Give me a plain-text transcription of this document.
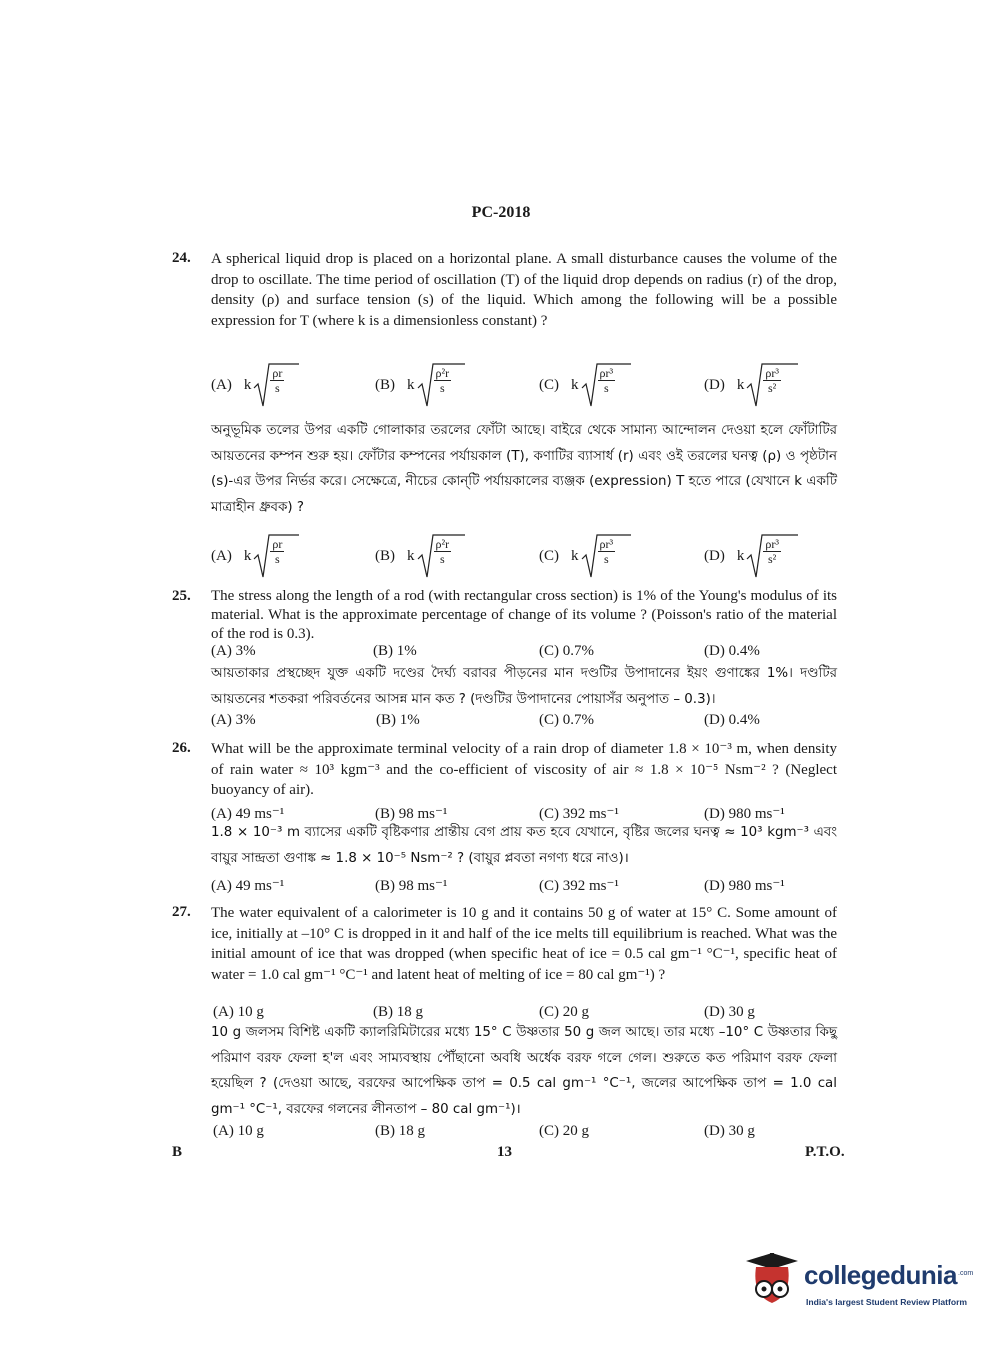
PC-2018
24. A spherical liquid drop is placed on a horizontal plane. A small disturbance causes the volume of the drop to oscillate. The time period of oscillation (T) of the liquid drop depends on radius (r) of the drop, density (ρ) and surface tension (s) of the liquid. Which among the following will be a possible expression for T (where k is a dimensionless constant) ?
(A) k $\frac{\rho r}{s}$	(B) k $\frac{\text{ρ²r}}{s}$	(C) k $\frac{\text{ρr³}}{s}$	(D) k $\frac{\text{ρr³}}{\text{s²}}$
অনুভূমিক তলের উপর একটি গোলাকার তরলের ফোঁটা আছে। বাইরে থেকে সামান্য আন্দোলন দেওয়া হলে ফোঁটাটির আয়তনের কম্পন শুরু হয়। ফোঁটার কম্পনের পর্যায়কাল (T), কণাটির ব্যাসার্ধ (r) এবং ওই তরলের ঘনত্ব (ρ) ও পৃষ্ঠটান (s)-এর উপর নির্ভর করে। সেক্ষেত্রে, নীচের কোন্‌টি পর্যায়কালের ব্যঞ্জক (expression) T হতে পারে (যেখানে k একটি মাত্রাহীন ধ্রুবক) ?
(A) k $\frac{\rho r}{s}$	(B) k $\frac{\text{ρ²r}}{s}$	(C) k $\frac{\text{ρr³}}{s}$	(D) k $\frac{\text{ρr³}}{\text{s²}}$
25. The stress along the length of a rod (with rectangular cross section) is 1% of the Young's modulus of its material. What is the approximate percentage of change of its volume ? (Poisson's ratio of the material of the rod is 0.3).
(A) 3%	(B) 1%	(C) 0.7%	(D) 0.4%
আয়তাকার প্রস্থচ্ছেদ যুক্ত একটি দণ্ডের দৈর্ঘ্য বরাবর পীড়নের মান দণ্ডটির উপাদানের ইয়ং গুণাঙ্কের 1%। দণ্ডটির আয়তনের শতকরা পরিবর্তনের আসন্ন মান কত ? (দণ্ডটির উপাদানের পোয়াসঁর অনুপাত – 0.3)।
(A) 3%	(B) 1%	(C) 0.7%	(D) 0.4%
26. What will be the approximate terminal velocity of a rain drop of diameter 1.8 × 10⁻³ m, when density of rain water ≈ 10³ kgm⁻³ and the co-efficient of viscosity of air ≈ 1.8 × 10⁻⁵ Nsm⁻² ? (Neglect buoyancy of air).
(A) 49 ms⁻¹	(B) 98 ms⁻¹	(C) 392 ms⁻¹	(D) 980 ms⁻¹
1.8 × 10⁻³ m ব্যাসের একটি বৃষ্টিকণার প্রান্তীয় বেগ প্রায় কত হবে যেখানে, বৃষ্টির জলের ঘনত্ব ≈ 10³ kgm⁻³ এবং বায়ুর সান্দ্রতা গুণাঙ্ক ≈ 1.8 × 10⁻⁵ Nsm⁻² ? (বায়ুর প্লবতা নগণ্য ধরে নাও)।
(A) 49 ms⁻¹	(B) 98 ms⁻¹	(C) 392 ms⁻¹	(D) 980 ms⁻¹
27. The water equivalent of a calorimeter is 10 g and it contains 50 g of water at 15° C. Some amount of ice, initially at –10° C is dropped in it and half of the ice melts till equilibrium is reached. What was the initial amount of ice that was dropped (when specific heat of ice = 0.5 cal gm⁻¹ °C⁻¹, specific heat of water = 1.0 cal gm⁻¹ °C⁻¹ and latent heat of melting of ice = 80 cal gm⁻¹) ?
(A) 10 g	(B) 18 g	(C) 20 g	(D) 30 g
10 g জলসম বিশিষ্ট একটি ক্যালরিমিটারের মধ্যে 15° C উষ্ণতার 50 g জল আছে। তার মধ্যে –10° C উষ্ণতার কিছু পরিমাণ বরফ ফেলা হ'ল এবং সাম্যবস্থায় পৌঁছানো অবধি অর্ধেক বরফ গলে গেল। শুরুতে কত পরিমাণ বরফ ফেলা হয়েছিল ? (দেওয়া আছে, বরফের আপেক্ষিক তাপ = 0.5 cal gm⁻¹ °C⁻¹, জলের আপেক্ষিক তাপ = 1.0 cal gm⁻¹ °C⁻¹, বরফের গলনের লীনতাপ – 80 cal gm⁻¹)।
(A) 10 g	(B) 18 g	(C) 20 g	(D) 30 g
B	13	P.T.O.
collegedunia .com
India's largest Student Review Platform
